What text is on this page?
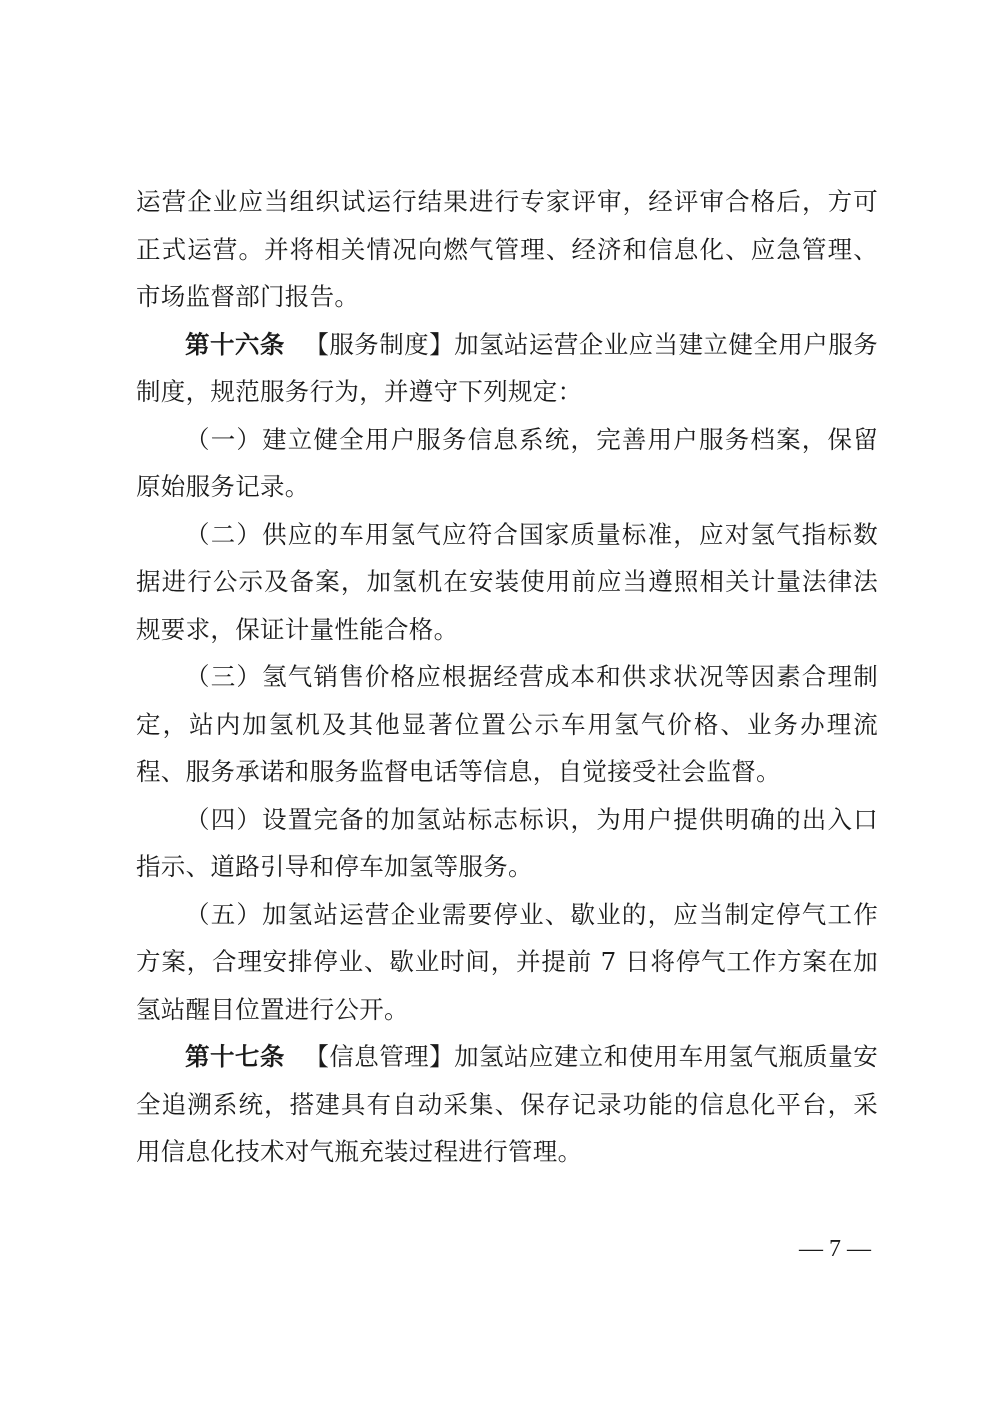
运营企业应当组织试运行结果进行专家评审，经评审合格后，方可正式运营。并将相关情况向燃气管理、经济和信息化、应急管理、市场监督部门报告。

第十六条 【服务制度】加氢站运营企业应当建立健全用户服务制度，规范服务行为，并遵守下列规定：

（一）建立健全用户服务信息系统，完善用户服务档案，保留原始服务记录。

（二）供应的车用氢气应符合国家质量标准，应对氢气指标数据进行公示及备案，加氢机在安装使用前应当遵照相关计量法律法规要求，保证计量性能合格。

（三）氢气销售价格应根据经营成本和供求状况等因素合理制定，站内加氢机及其他显著位置公示车用氢气价格、业务办理流程、服务承诺和服务监督电话等信息，自觉接受社会监督。

（四）设置完备的加氢站标志标识，为用户提供明确的出入口指示、道路引导和停车加氢等服务。

（五）加氢站运营企业需要停业、歇业的，应当制定停气工作方案，合理安排停业、歇业时间，并提前 7 日将停气工作方案在加氢站醒目位置进行公开。

第十七条 【信息管理】加氢站应建立和使用车用氢气瓶质量安全追溯系统，搭建具有自动采集、保存记录功能的信息化平台，采用信息化技术对气瓶充装过程进行管理。

— 7 —
